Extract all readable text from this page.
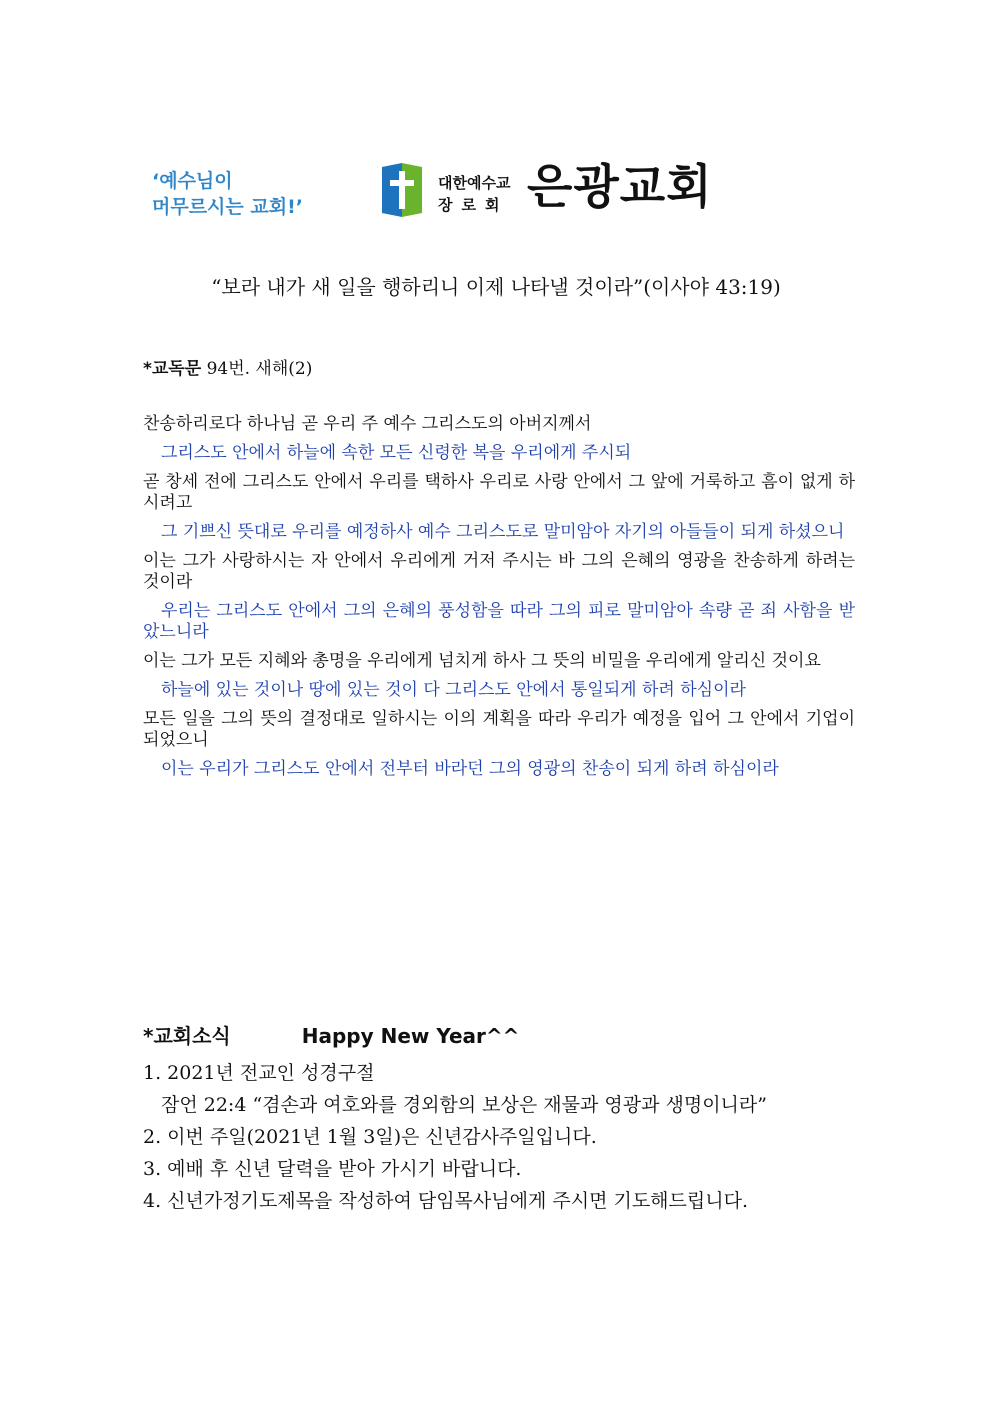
‘예수님이
머무르시는 교회!’
대한예수교
장로회 은광교회
“보라 내가 새 일을 행하리니 이제 나타낼 것이라”(이사야 43:19)
*교독문 94번. 새해(2)

찬송하리로다 하나님 곧 우리 주 예수 그리스도의 아버지께서

그리스도 안에서 하늘에 속한 모든 신령한 복을 우리에게 주시되

곧 창세 전에 그리스도 안에서 우리를 택하사 우리로 사랑 안에서 그 앞에 거룩하고 흠이 없게 하시려고

그 기쁘신 뜻대로 우리를 예정하사 예수 그리스도로 말미암아 자기의 아들들이 되게 하셨으니

이는 그가 사랑하시는 자 안에서 우리에게 거저 주시는 바 그의 은혜의 영광을 찬송하게 하려는 것이라

우리는 그리스도 안에서 그의 은혜의 풍성함을 따라 그의 피로 말미암아 속량 곧 죄 사함을 받았느니라

이는 그가 모든 지혜와 총명을 우리에게 넘치게 하사 그 뜻의 비밀을 우리에게 알리신 것이요

하늘에 있는 것이나 땅에 있는 것이 다 그리스도 안에서 통일되게 하려 하심이라

모든 일을 그의 뜻의 결정대로 일하시는 이의 계획을 따라 우리가 예정을 입어 그 안에서 기업이 되었으니

이는 우리가 그리스도 안에서 전부터 바라던 그의 영광의 찬송이 되게 하려 하심이라

*교회소식	Happy New Year^^
1. 2021년 전교인 성경구절
잠언 22:4 “겸손과 여호와를 경외함의 보상은 재물과 영광과 생명이니라”
2. 이번 주일(2021년 1월 3일)은 신년감사주일입니다.
3. 예배 후 신년 달력을 받아 가시기 바랍니다.
4. 신년가정기도제목을 작성하여 담임목사님에게 주시면 기도해드립니다.
